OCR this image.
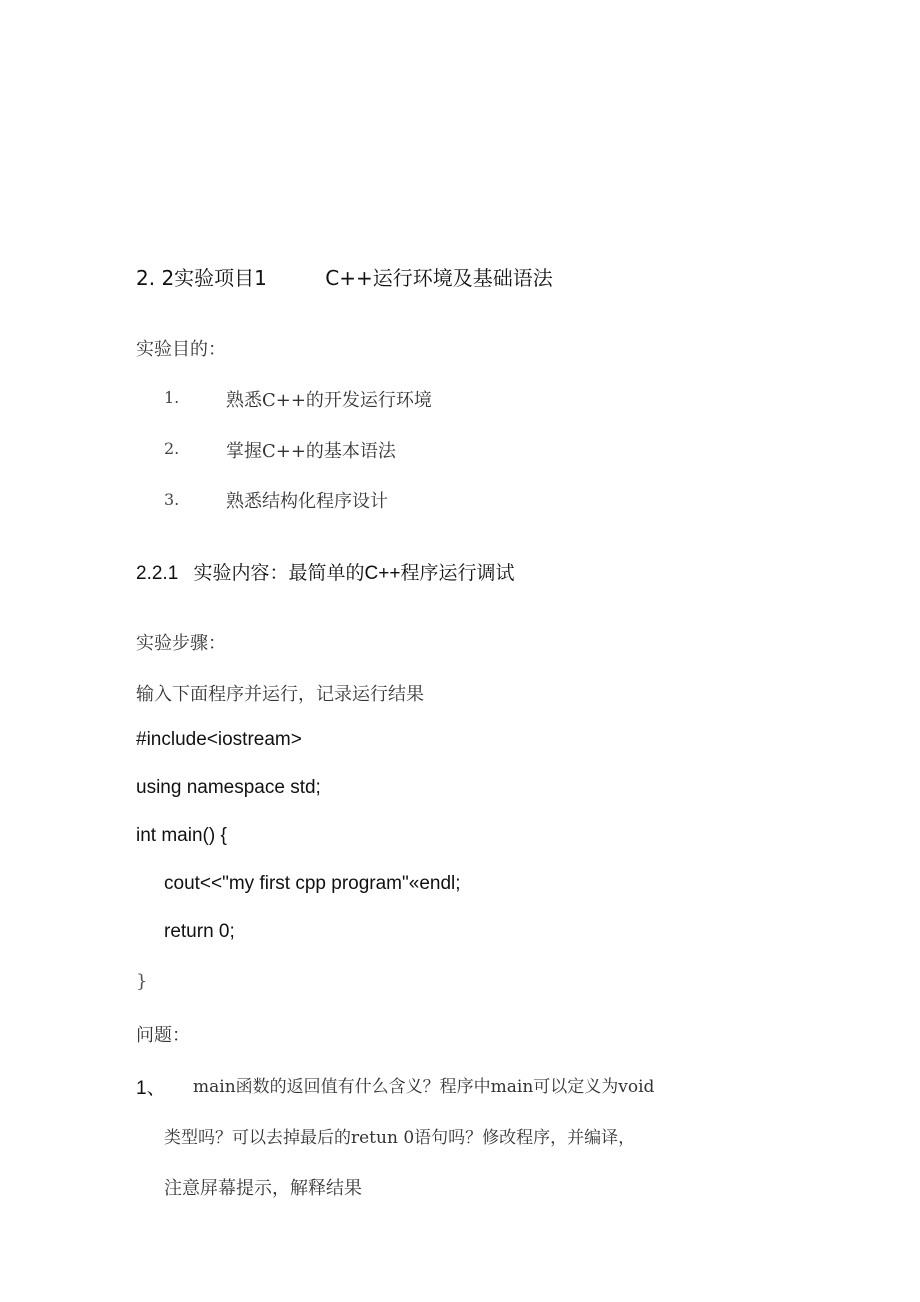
2. 2实验项目1	C++运行环境及基础语法
实验目的：
1.	熟悉C++的开发运行环境
2.	掌握C++的基本语法
3.	熟悉结构化程序设计
2.2.1 实验内容：最简单的C++程序运行调试
实验步骤：
输入下面程序并运行，记录运行结果
#include<iostream>
using namespace std;
int main() {
cout<<"my first cpp program"«endl;
return 0;
}
问题：
1、 main函数的返回值有什么含义？程序中main可以定义为void
类型吗？可以去掉最后的retun 0语句吗？修改程序，并编译，
注意屏幕提示，解释结果
